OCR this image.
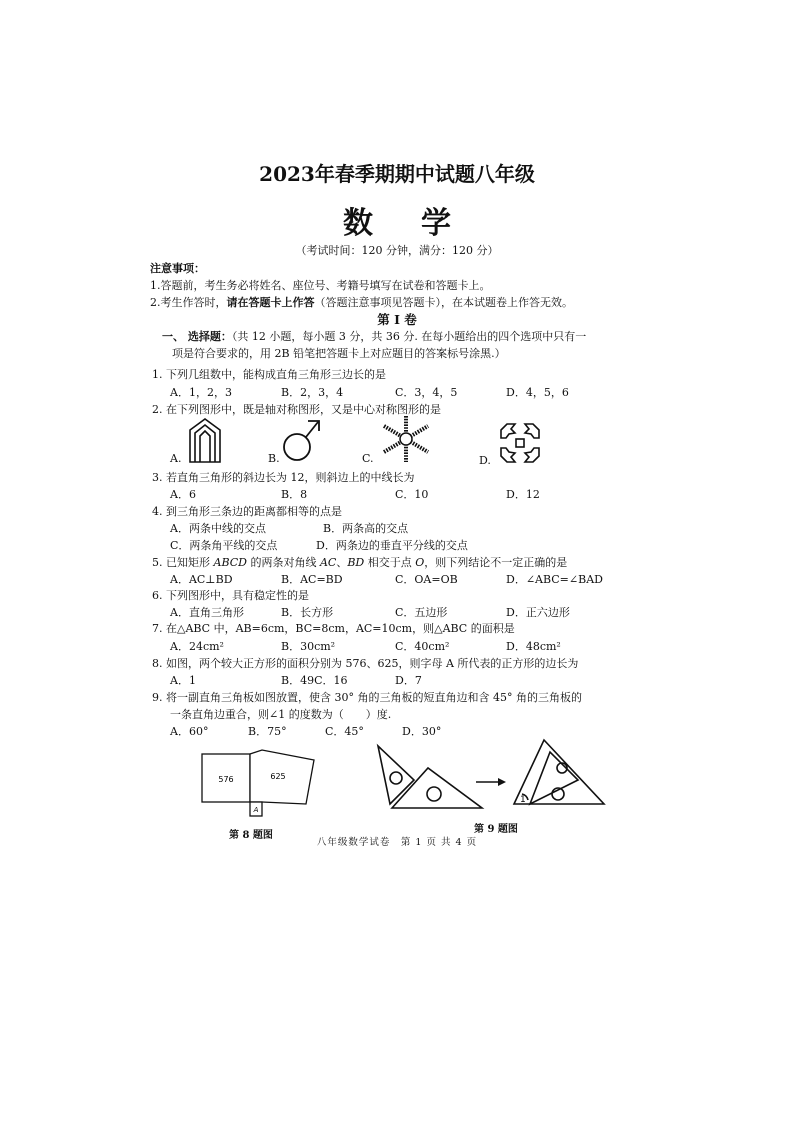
2023年春季期期中试题八年级
数学
（考试时间：120 分钟，满分：120 分）
注意事项：
1.答题前，考生务必将姓名、座位号、考籍号填写在试卷和答题卡上。
2.考生作答时，请在答题卡上作答（答题注意事项见答题卡），在本试题卷上作答无效。
第 I 卷
一、 选择题：（共 12 小题，每小题 3 分，共 36 分. 在每小题给出的四个选项中只有一
项是符合要求的，用 2B 铅笔把答题卡上对应题目的答案标号涂黑.）
1. 下列几组数中，能构成直角三角形三边长的是
A．1，2，3	B．2，3，4	C．3，4，5	D．4，5，6
2. 在下列图形中，既是轴对称图形，又是中心对称图形的是
A.	B.	C.	D.
3. 若直角三角形的斜边长为 12，则斜边上的中线长为
A．6	B．8	C．10	D．12
4. 到三角形三条边的距离都相等的点是
A．两条中线的交点	B．两条高的交点
C．两条角平线的交点	D．两条边的垂直平分线的交点
5. 已知矩形 ABCD 的两条对角线 AC、BD 相交于点 O，则下列结论不一定正确的是
A．AC⊥BD	B．AC=BD	C．OA=OB	D．∠ABC=∠BAD
6. 下列图形中，具有稳定性的是
A．直角三角形	B．长方形	C．五边形	D．正六边形
7. 在△ABC 中，AB=6cm，BC=8cm，AC=10cm，则△ABC 的面积是
A．24cm²	B．30cm²	C．40cm²	D．48cm²
8. 如图，两个较大正方形的面积分别为 576、625，则字母 A 所代表的正方形的边长为
A．1	B．49C．16	D．7
9. 将一副直角三角板如图放置，使含 30° 角的三角板的短直角边和含 45° 角的三角板的
一条直角边重合，则∠1 的度数为（　　）度.
A．60°	B．75°	C．45°	D．30°
576	625
A
第 8 题图
1
第 9 题图
八年级数学试卷　第 1 页 共 4 页
